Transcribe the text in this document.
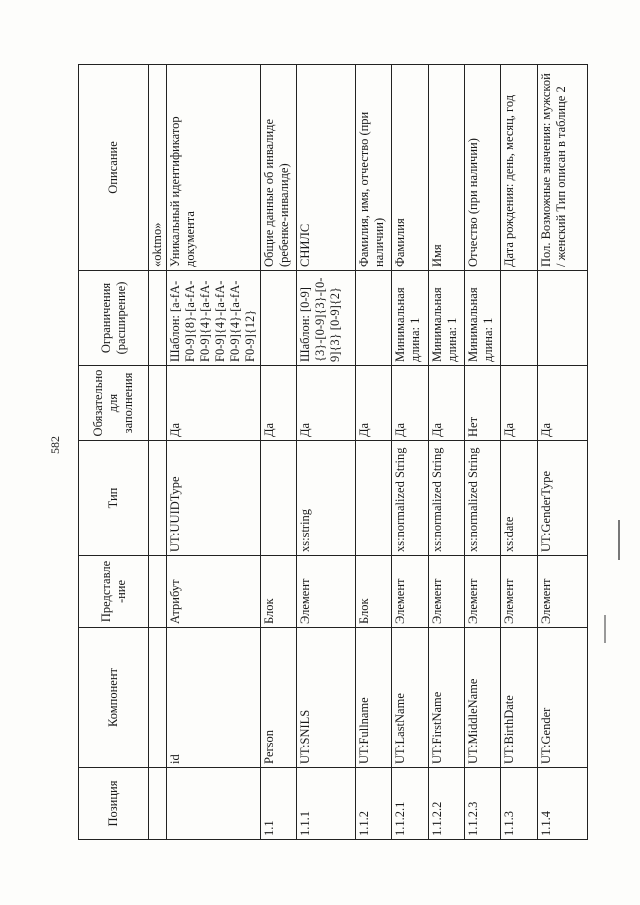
582
Позиция	Компонент	Представле-ние	Тип	Обязательно для заполнения	Ограничения (расширение)	Описание
						«oktmo»
	id	Атрибут	UT:UUIDType	Да	Шаблон: [a-fA-F0-9]{8}-[a-fA-F0-9]{4}-[a-fA-F0-9]{4}-[a-fA-F0-9]{4}-[a-fA-F0-9]{12}	Уникальный идентификатор документа
1.1	Person	Блок		Да		Общие данные об инвалиде (ребенке-инвалиде)
1.1.1	UT:SNILS	Элемент	xs:string	Да	Шаблон: [0-9]{3}-[0-9]{3}-[0-9]{3} [0-9]{2}	СНИЛС
1.1.2	UT:Fullname	Блок		Да		Фамилия, имя, отчество (при наличии)
1.1.2.1	UT:LastName	Элемент	xs:normalized String	Да	Минимальная длина: 1	Фамилия
1.1.2.2	UT:FirstName	Элемент	xs:normalized String	Да	Минимальная длина: 1	Имя
1.1.2.3	UT:MiddleName	Элемент	xs:normalized String	Нет	Минимальная длина: 1	Отчество (при наличии)
1.1.3	UT:BirthDate	Элемент	xs:date	Да		Дата рождения: день, месяц, год
1.1.4	UT:Gender	Элемент	UT:GenderType	Да		Пол. Возможные значения: мужской / женский Тип описан в таблице 2
